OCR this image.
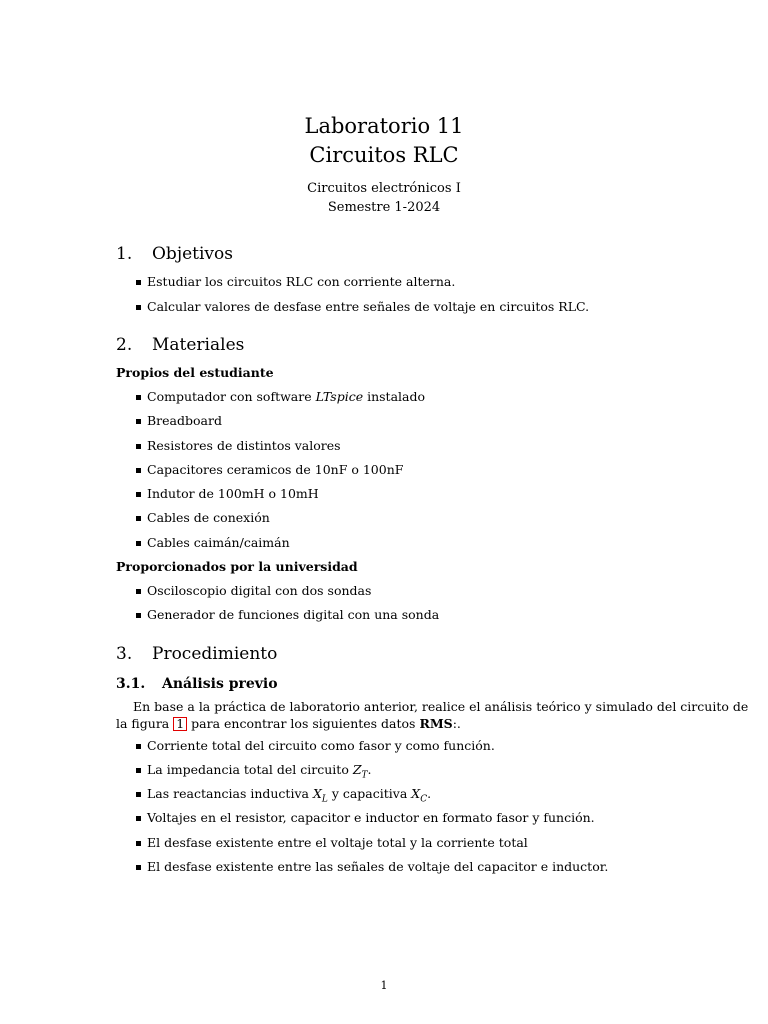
Laboratorio 11
Circuitos RLC
Circuitos electrónicos I
Semestre 1-2024
1. Objetivos
Estudiar los circuitos RLC con corriente alterna.
Calcular valores de desfase entre señales de voltaje en circuitos RLC.
2. Materiales
Propios del estudiante
Computador con software LTspice instalado
Breadboard
Resistores de distintos valores
Capacitores ceramicos de 10nF o 100nF
Indutor de 100mH o 10mH
Cables de conexión
Cables caimán/caimán
Proporcionados por la universidad
Osciloscopio digital con dos sondas
Generador de funciones digital con una sonda
3. Procedimiento
3.1. Análisis previo
En base a la práctica de laboratorio anterior, realice el análisis teórico y simulado del circuito de
la figura 1 para encontrar los siguientes datos RMS:.
Corriente total del circuito como fasor y como función.
La impedancia total del circuito $Z_T$.
Las reactancias inductiva $X_L$ y capacitiva $X_C$.
Voltajes en el resistor, capacitor e inductor en formato fasor y función.
El desfase existente entre el voltaje total y la corriente total
El desfase existente entre las señales de voltaje del capacitor e inductor.
1
